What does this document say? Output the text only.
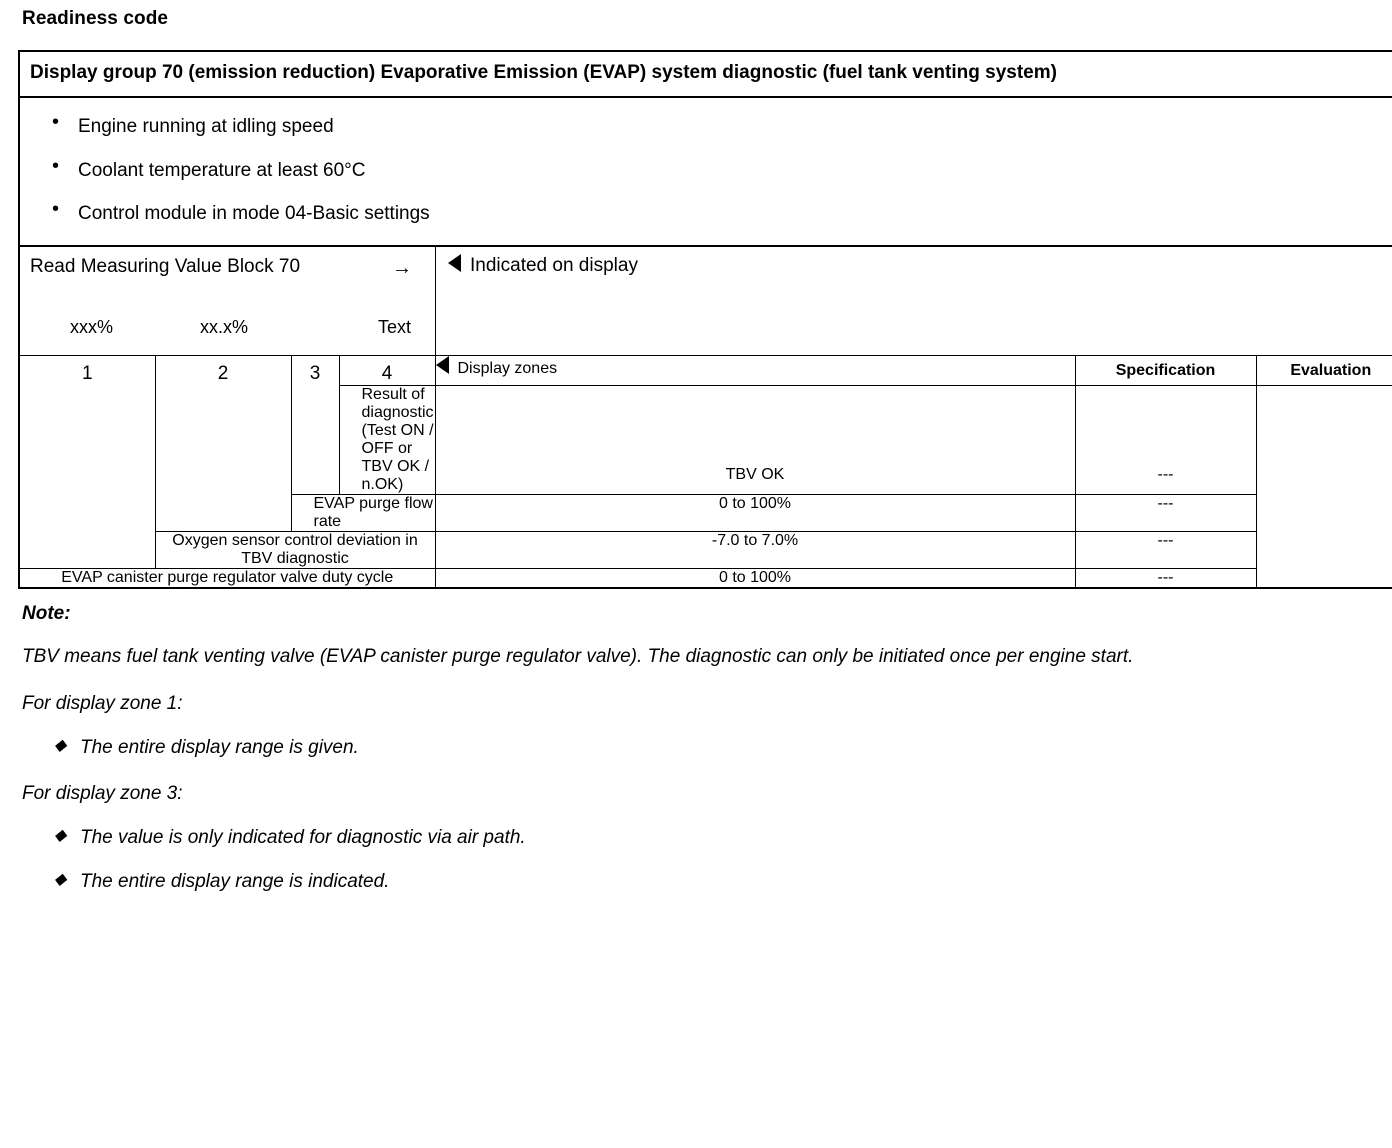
Readiness code
Display group 70 (emission reduction) Evaporative Emission (EVAP) system diagnostic (fuel tank venting system)						

• Engine running at idling speed
• Coolant temperature at least 60°C
• Control module in mode 04-Basic settings

Read Measuring Value Block 70	→
xxx%	xx.x%	Text
Indicated on display

1	2	3	4	Display zones	Specification	Evaluation
			Result of diagnostic (Test ON / OFF or TBV OK / n.OK)	TBV OK	---	
		EVAP purge flow rate		0 to 100%	---	
	Oxygen sensor control deviation in TBV diagnostic			-7.0 to 7.0%	---	
EVAP canister purge regulator valve duty cycle				0 to 100%	---	
Note:
TBV means fuel tank venting valve (EVAP canister purge regulator valve). The diagnostic can only be initiated once per engine start.
For display zone 1:
◆ The entire display range is given.
For display zone 3:
◆ The value is only indicated for diagnostic via air path.
◆ The entire display range is indicated.
